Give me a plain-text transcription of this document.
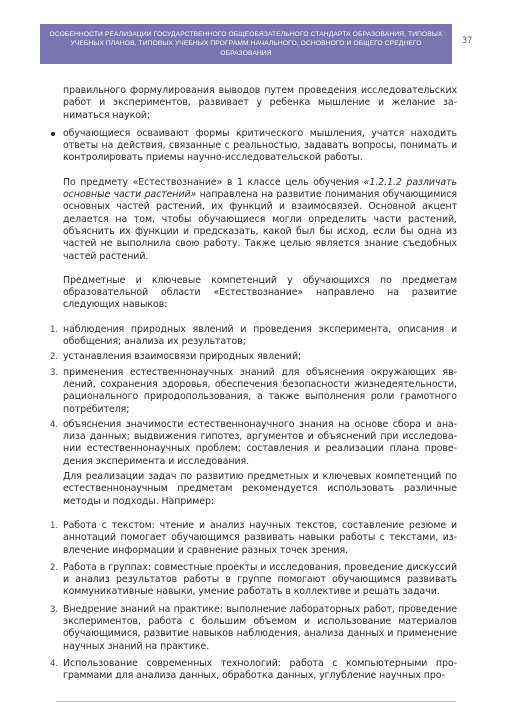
ОСОБЕННОСТИ РЕАЛИЗАЦИИ ГОСУДАРСТВЕННОГО ОБЩЕОБЯЗАТЕЛЬНОГО СТАНДАРТА ОБРАЗОВАНИЯ, ТИПОВЫХ
УЧЕБНЫХ ПЛАНОВ, ТИПОВЫХ УЧЕБНЫХ ПРОГРАММ НАЧАЛЬНОГО, ОСНОВНОГО И ОБЩЕГО СРЕДНЕГО ОБРАЗОВАНИЯ
37

правильного формулирования выводов путем проведения исследовательских работ и экспериментов, развивает у ребенка мышление и желание заниматься наукой;

обучающиеся осваивают формы критического мышления, учатся находить ответы на действия, связанные с реальностью, задавать вопросы, понимать и контролировать приемы научно-исследовательской работы.

По предмету «Естествознание» в 1 классе цель обучения «1.2.1.2 различать основные части растений» направлена на развитие понимания обучающимися основных частей растений, их функций и взаимосвязей. Основной акцент делается на том, чтобы обучающиеся могли определить части растений, объяснить их функции и предсказать, какой был бы исход, если бы одна из частей не выполнила свою работу. Также целью является знание съедобных частей растений.

Предметные и ключевые компетенций у обучающихся по предметам образовательной области «Естествознание» направлено на развитие следующих навыков:

1. наблюдения природных явлений и проведения эксперимента, описания и обобщения; анализа их результатов;

2. устанавления взаимосвязи природных явлений;

3. применения естественнонаучных знаний для объяснения окружающих явлений, сохранения здоровья, обеспечения безопасности жизнедеятельности, рационального природопользования, а также выполнения роли грамотного потребителя;

4. объяснения значимости естественнонаучного знания на основе сбора и анализа данных; выдвижения гипотез, аргументов и объяснений при исследовании естественнонаучных проблем; составления и реализации плана проведения эксперимента и исследования.

Для реализации задач по развитию предметных и ключевых компетенций по естественнонаучным предметам рекомендуется использовать различные методы и подходы. Например:

1. Работа с текстом: чтение и анализ научных текстов, составление резюме и аннотаций помогает обучающимся развивать навыки работы с текстами, извлечение информации и сравнение разных точек зрения.

2. Работа в группах: совместные проекты и исследования, проведение дискуссий и анализ результатов работы в группе помогают обучающимся развивать коммуникативные навыки, умение работать в коллективе и решать задачи.

3. Внедрение знаний на практике: выполнение лабораторных работ, проведение экспериментов, работа с большим объемом и использование материалов обучающимися, развитие навыков наблюдения, анализа данных и применение научных знаний на практике.

4. Использование современных технологий: работа с компьютерными программами для анализа данных, обработка данных, углубление научных про-
